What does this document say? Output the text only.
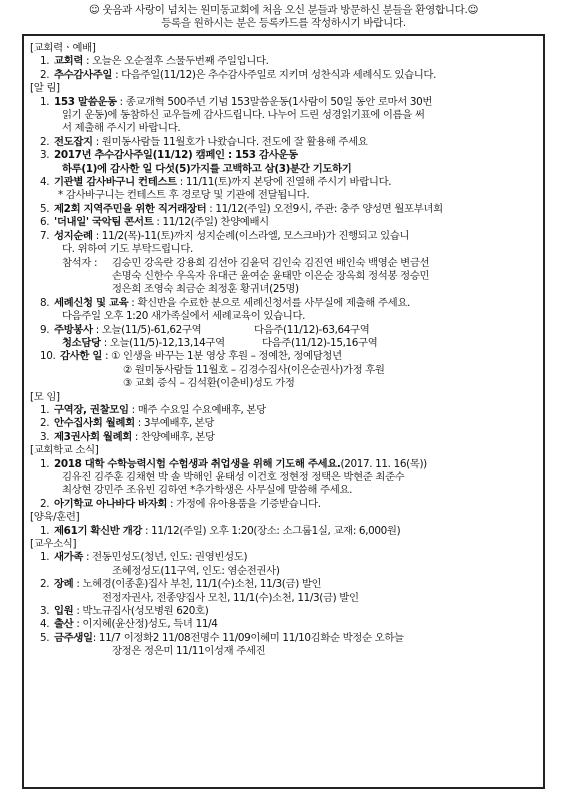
☺ 웃음과 사랑이 넘치는 원미동교회에 처음 오신 분들과 방문하신 분들을 환영합니다.☺
등록을 원하시는 분은 등록카드를 작성하시기 바랍니다.
[교회력ㆍ예배]
1. 교회력 : 오늘은 오순절후 스물두번째 주일입니다.
2. 추수감사주일 : 다음주일(11/12)은 추수감사주일로 지키며 성찬식과 세례식도 있습니다.
[알 림]
1. 153 말씀운동 : 종교개혁 500주년 기념 153말씀운동(1사람이 50일 동안 로마서 30번
읽기 운동)에 동참하신 교우들께 감사드립니다. 나누어 드린 성경읽기표에 이름을 써
서 제출해 주시기 바랍니다.
2. 전도잡지 : 원미동사람들 11월호가 나왔습니다. 전도에 잘 활용해 주세요
3. 2017년 추수감사주일(11/12) 캠페인 : 153 감사운동
하루(1)에 감사한 일 다섯(5)가지를 고백하고 삼(3)분간 기도하기
4. 기관별 감사바구니 컨테스트 : 11/11(토)까지 본당에 진열해 주시기 바랍니다.
* 감사바구니는 컨테스트 후 경로당 및 기관에 전달됩니다.
5. 제2회 지역주민을 위한 직거래장터 : 11/12(주일) 오전9시, 주관: 충주 양성면 월포부녀회
6. '더내일' 국악팀 콘서트 : 11/12(주일) 찬양예배시
7. 성지순례 : 11/2(목)-11(토)까지 성지순례(이스라엘, 모스크바)가 진행되고 있습니
다. 위하여 기도 부탁드립니다.
참석자 :	김승민 강옥란 강용희 김선아 김윤덕 김인숙 김진연 배인숙 백영순 변금선
손명숙 신한수 우옥자 유대근 윤여순 윤태만 이은순 장옥희 정석봉 정승민
정은희 조영숙 최금순 최정훈 황귀녀(25명)
8. 세례신청 및 교육 : 확신반을 수료한 분으로 세례신청서를 사무실에 제출해 주세요.
다음주일 오후 1:20 새가족실에서 세례교육이 있습니다.
9. 주방봉사 : 오늘(11/5)-61,62구역	다음주(11/12)-63,64구역
청소담당 : 오늘(11/5)-12,13,14구역	다음주(11/12)-15,16구역
10. 감사한 일 : ① 인생을 바꾸는 1분 영상 후원 – 정예찬, 정예담청년
② 원미동사람들 11월호 – 김경수집사(이은순권사)가정 후원
③ 교회 증식 – 김석환(이춘비)성도 가정
[모 임]
1. 구역장, 권찰모임 : 매주 수요일 수요예배후, 본당
2. 안수집사회 월례회 : 3부예배후, 본당
3. 제3권사회 월례회 : 찬양예배후, 본당
[교회학교 소식]
1. 2018 대학 수학능력시험 수험생과 취업생을 위해 기도해 주세요.(2017. 11. 16(목))
김유진 김주훈 김채현 박 솔 박해인 윤태성 이건호 정현정 정택은 박현준 최준수
최상현 강민주 조유빈 김하연 *추가학생은 사무실에 말씀해 주세요.
2. 아기학교 아나바다 바자회 : 가정에 유아용품을 기증받습니다.
[양육/훈련]
1. 제61기 확신반 개강 : 11/12(주일) 오후 1:20(장소: 소그룹1실, 교재: 6,000원)
[교우소식]
1. 새가족 : 전동민성도(청년, 인도: 권영빈성도)
조혜정성도(11구역, 인도: 염순전권사)
2. 장례 : 노혜경(이종훈)집사 부친, 11/1(수)소천, 11/3(금) 발인
전정자권사, 전종양집사 모친, 11/1(수)소천, 11/3(금) 발인
3. 입원 : 박노규집사(성모병원 620호)
4. 출산 : 이지혜(윤산정)성도, 득녀 11/4
5. 금주생일: 11/7 이정화2 11/08전명수 11/09이혜미 11/10김화순 박정순 오하늘
장정은 정은미 11/11이성재 주세진
